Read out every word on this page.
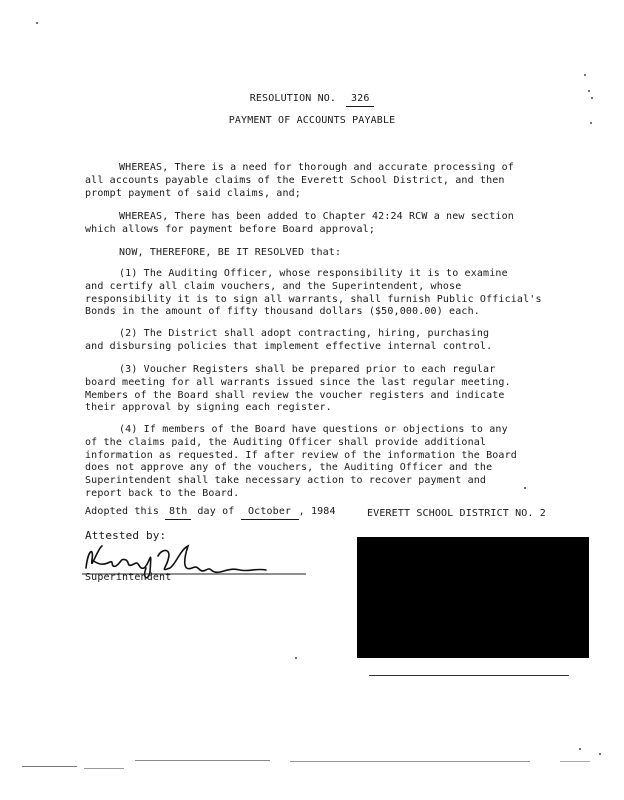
RESOLUTION NO. 326
PAYMENT OF ACCOUNTS PAYABLE
WHEREAS, There is a need for thorough and accurate processing of
all accounts payable claims of the Everett School District, and then
prompt payment of said claims, and;
WHEREAS, There has been added to Chapter 42:24 RCW a new section
which allows for payment before Board approval;
NOW, THEREFORE, BE IT RESOLVED that:
(1) The Auditing Officer, whose responsibility it is to examine
and certify all claim vouchers, and the Superintendent, whose
responsibility it is to sign all warrants, shall furnish Public Official's
Bonds in the amount of fifty thousand dollars ($50,000.00) each.
(2) The District shall adopt contracting, hiring, purchasing
and disbursing policies that implement effective internal control.
(3) Voucher Registers shall be prepared prior to each regular
board meeting for all warrants issued since the last regular meeting.
Members of the Board shall review the voucher registers and indicate
their approval by signing each register.
(4) If members of the Board have questions or objections to any
of the claims paid, the Auditing Officer shall provide additional
information as requested. If after review of the information the Board
does not approve any of the vouchers, the Auditing Officer and the
Superintendent shall take necessary action to recover payment and
report back to the Board.
Adopted this 8th day of October , 1984	EVERETT SCHOOL DISTRICT NO. 2
Attested by:
Superintendent
